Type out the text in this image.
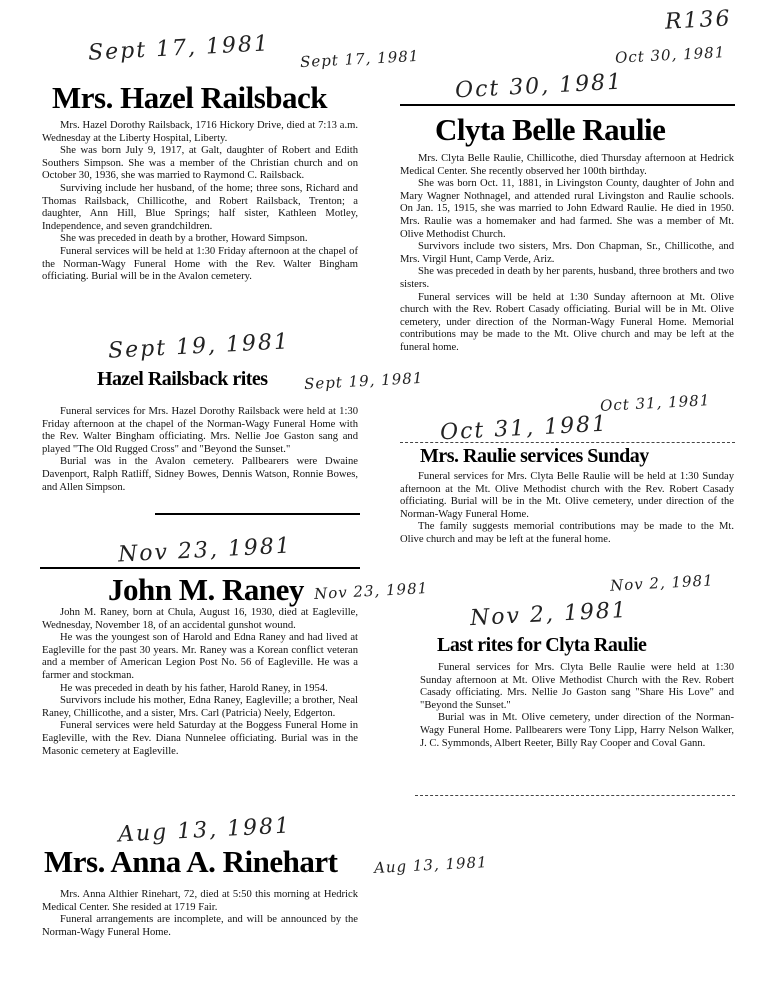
R136
Sept 17, 1981 Sept 17, 1981
Mrs. Hazel Railsback

Mrs. Hazel Dorothy Railsback, 1716 Hickory Drive, died at 7:13 a.m. Wednesday at the Liberty Hospital, Liberty.

She was born July 9, 1917, at Galt, daughter of Robert and Edith Southers Simpson. She was a member of the Christian church and on October 30, 1936, she was married to Raymond C. Railsback.

Surviving include her husband, of the home; three sons, Richard and Thomas Railsback, Chillicothe, and Robert Railsback, Trenton; a daughter, Ann Hill, Blue Springs; half sister, Kathleen Motley, Independence, and seven grandchildren.

She was preceded in death by a brother, Howard Simpson.

Funeral services will be held at 1:30 Friday afternoon at the chapel of the Norman-Wagy Funeral Home with the Rev. Walter Bingham officiating. Burial will be in the Avalon cemetery.

Sept 19, 1981
Hazel Railsback rites Sept 19, 1981

Funeral services for Mrs. Hazel Dorothy Railsback were held at 1:30 Friday afternoon at the chapel of the Norman-Wagy Funeral Home with the Rev. Walter Bingham officiating. Mrs. Nellie Joe Gaston sang and played "The Old Rugged Cross" and "Beyond the Sunset."

Burial was in the Avalon cemetery. Pallbearers were Dwaine Davenport, Ralph Ratliff, Sidney Bowes, Dennis Watson, Ronnie Bowes, and Allen Simpson.

Nov 23, 1981
John M. Raney Nov 23, 1981

John M. Raney, born at Chula, August 16, 1930, died at Eagleville, Wednesday, November 18, of an accidental gunshot wound.

He was the youngest son of Harold and Edna Raney and had lived at Eagleville for the past 30 years. Mr. Raney was a Korean conflict veteran and a member of American Legion Post No. 56 of Eagleville. He was a farmer and stockman.

He was preceded in death by his father, Harold Raney, in 1954.

Survivors include his mother, Edna Raney, Eagleville; a brother, Neal Raney, Chillicothe, and a sister, Mrs. Carl (Patricia) Neely, Edgerton.

Funeral services were held Saturday at the Boggess Funeral Home in Eagleville, with the Rev. Diana Nunnelee officiating. Burial was in the Masonic cemetery at Eagleville.

Aug 13, 1981
Mrs. Anna A. Rinehart Aug 13, 1981

Mrs. Anna Althier Rinehart, 72, died at 5:50 this morning at Hedrick Medical Center. She resided at 1719 Fair.

Funeral arrangements are incomplete, and will be announced by the Norman-Wagy Funeral Home.

Oct 30, 1981
Oct 30, 1981
Clyta Belle Raulie

Mrs. Clyta Belle Raulie, Chillicothe, died Thursday afternoon at Hedrick Medical Center. She recently observed her 100th birthday.

She was born Oct. 11, 1881, in Livingston County, daughter of John and Mary Wagner Nothnagel, and attended rural Livingston and Raulie schools. On Jan. 15, 1915, she was married to John Edward Raulie. He died in 1950. Mrs. Raulie was a homemaker and had farmed. She was a member of Mt. Olive Methodist Church.

Survivors include two sisters, Mrs. Don Chapman, Sr., Chillicothe, and Mrs. Virgil Hunt, Camp Verde, Ariz.

She was preceded in death by her parents, husband, three brothers and two sisters.

Funeral services will be held at 1:30 Sunday afternoon at Mt. Olive church with the Rev. Robert Casady officiating. Burial will be in Mt. Olive cemetery, under direction of the Norman-Wagy Funeral Home. Memorial contributions may be made to the Mt. Olive church and may be left at the funeral home.

Oct 31, 1981
Oct 31, 1981
Mrs. Raulie services Sunday

Funeral services for Mrs. Clyta Belle Raulie will be held at 1:30 Sunday afternoon at the Mt. Olive Methodist church with the Rev. Robert Casady officiating. Burial will be in the Mt. Olive cemetery, under direction of the Norman-Wagy Funeral Home.

The family suggests memorial contributions may be made to the Mt. Olive church and may be left at the funeral home.

Nov 2, 1981
Nov 2, 1981
Last rites for Clyta Raulie

Funeral services for Mrs. Clyta Belle Raulie were held at 1:30 Sunday afternoon at Mt. Olive Methodist Church with the Rev. Robert Casady officiating. Mrs. Nellie Jo Gaston sang "Share His Love" and "Beyond the Sunset."

Burial was in Mt. Olive cemetery, under direction of the Norman-Wagy Funeral Home. Pallbearers were Tony Lipp, Harry Nelson Walker, J. C. Symmonds, Albert Reeter, Billy Ray Cooper and Coval Gann.
